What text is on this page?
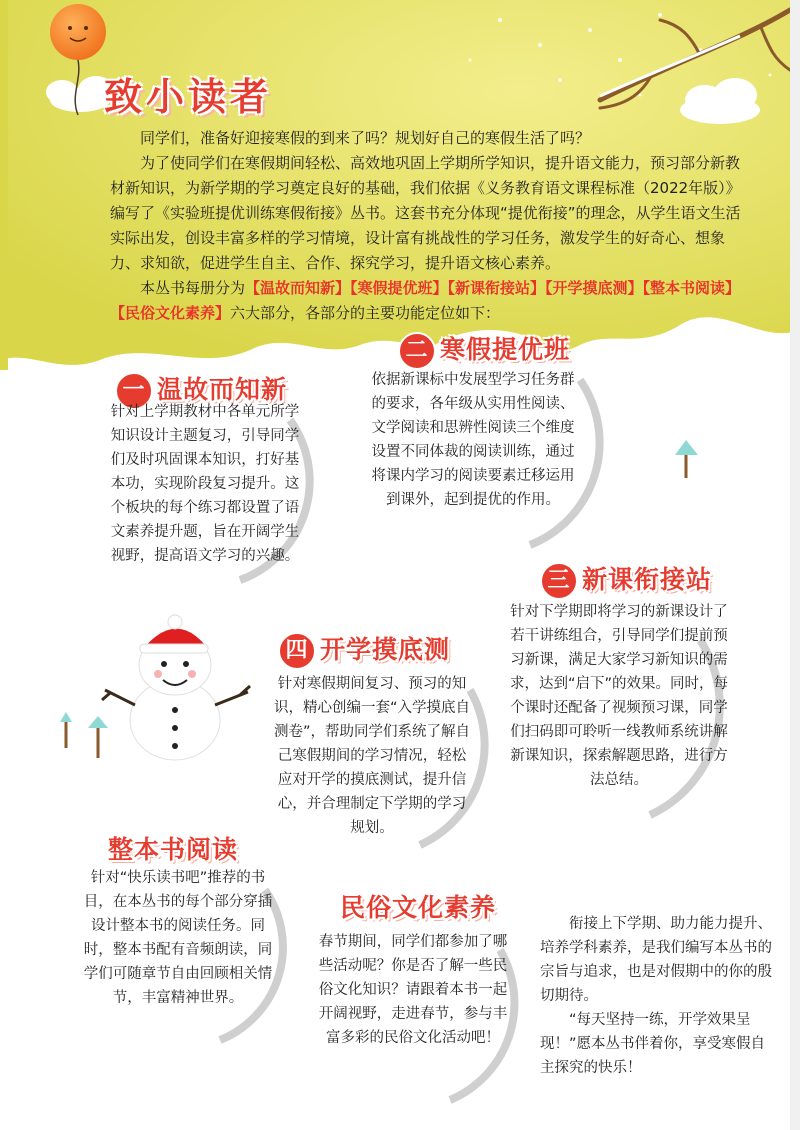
致小读者

同学们，准备好迎接寒假的到来了吗？规划好自己的寒假生活了吗？

为了使同学们在寒假期间轻松、高效地巩固上学期所学知识，提升语文能力，预习部分新教材新知识，为新学期的学习奠定良好的基础，我们依据《义务教育语文课程标准（2022年版）》编写了《实验班提优训练寒假衔接》丛书。这套书充分体现“提优衔接”的理念，从学生语文生活实际出发，创设丰富多样的学习情境，设计富有挑战性的学习任务，激发学生的好奇心、想象力、求知欲，促进学生自主、合作、探究学习，提升语文核心素养。

本丛书每册分为【温故而知新】【寒假提优班】【新课衔接站】【开学摸底测】【整本书阅读】【民俗文化素养】六大部分，各部分的主要功能定位如下：

一 温故而知新
针对上学期教材中各单元所学知识设计主题复习，引导同学们及时巩固课本知识，打好基本功，实现阶段复习提升。这个板块的每个练习都设置了语文素养提升题，旨在开阔学生视野，提高语文学习的兴趣。
二 寒假提优班
依据新课标中发展型学习任务群的要求，各年级从实用性阅读、文学阅读和思辨性阅读三个维度设置不同体裁的阅读训练，通过将课内学习的阅读要素迁移运用到课外，起到提优的作用。
三 新课衔接站
针对下学期即将学习的新课设计了若干讲练组合，引导同学们提前预习新课，满足大家学习新知识的需求，达到“启下”的效果。同时，每个课时还配备了视频预习课，同学们扫码即可聆听一线教师系统讲解新课知识，探索解题思路，进行方法总结。
四 开学摸底测
针对寒假期间复习、预习的知识，精心创编一套“入学摸底自测卷”，帮助同学们系统了解自己寒假期间的学习情况，轻松应对开学的摸底测试，提升信心，并合理制定下学期的学习规划。
整本书阅读
针对“快乐读书吧”推荐的书目，在本丛书的每个部分穿插设计整本书的阅读任务。同时，整本书配有音频朗读，同学们可随章节自由回顾相关情节，丰富精神世界。
民俗文化素养
春节期间，同学们都参加了哪些活动呢？你是否了解一些民俗文化知识？请跟着本书一起开阔视野，走进春节，参与丰富多彩的民俗文化活动吧！

衔接上下学期、助力能力提升、培养学科素养，是我们编写本丛书的宗旨与追求，也是对假期中的你的殷切期待。

“每天坚持一练，开学效果呈现！”愿本丛书伴着你，享受寒假自主探究的快乐！
